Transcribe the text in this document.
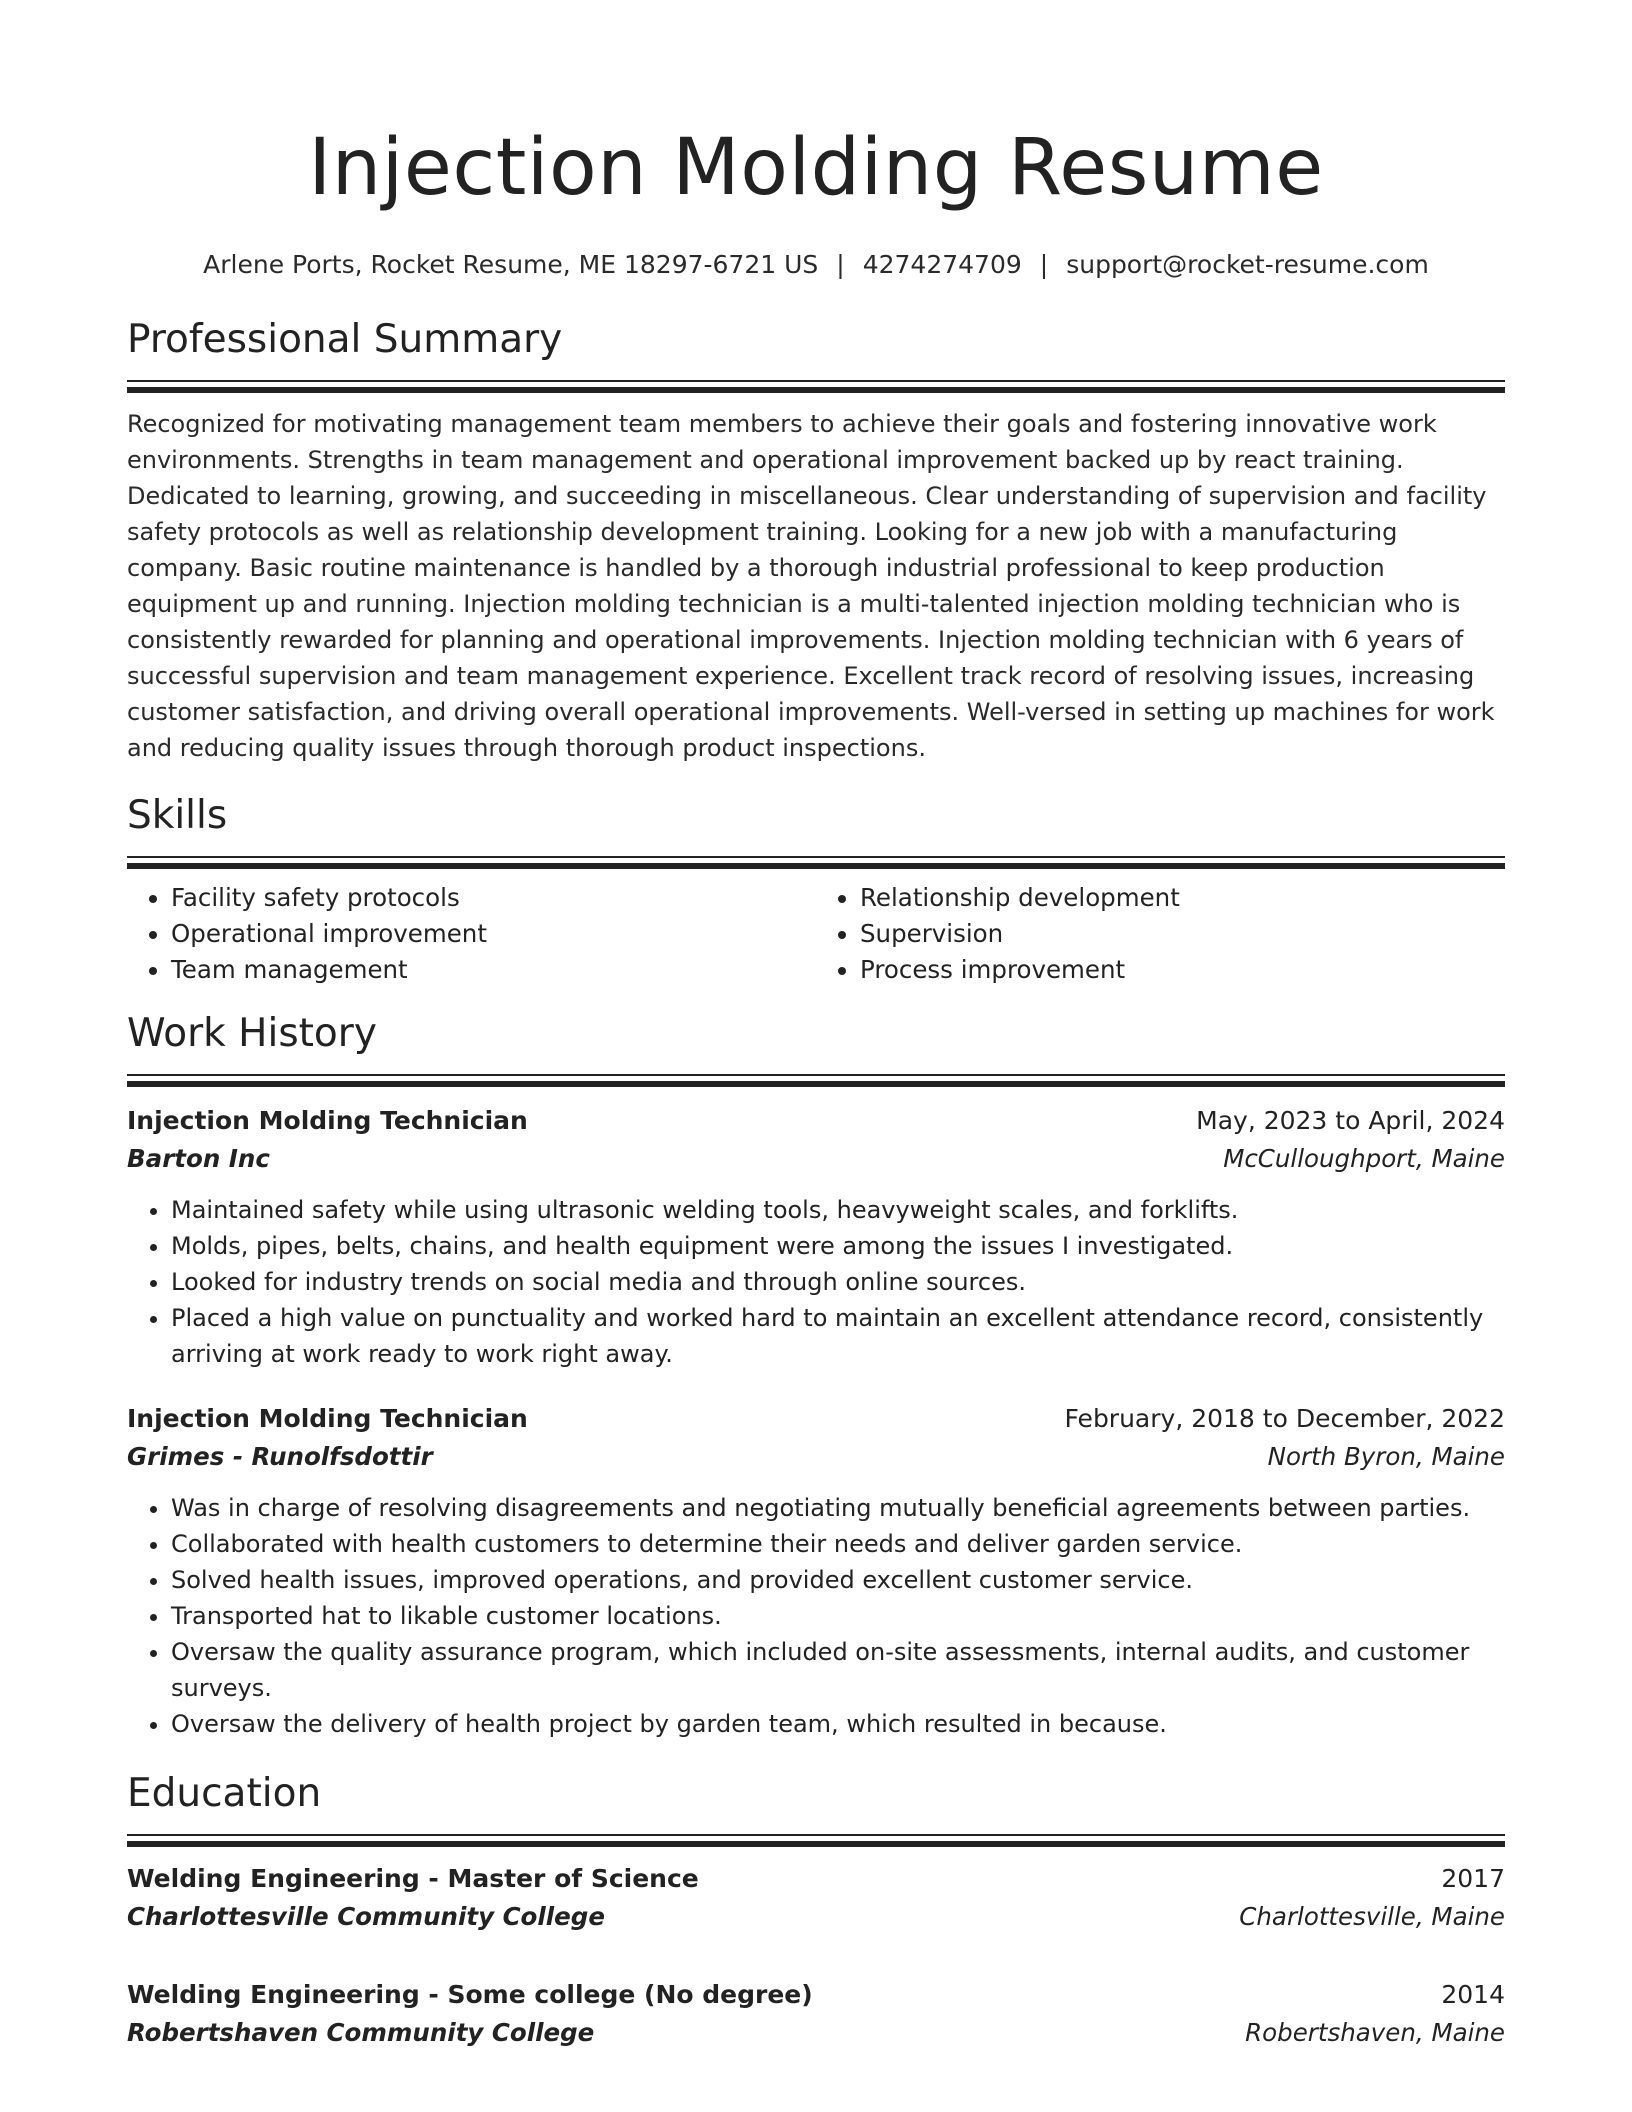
Injection Molding Resume
Arlene Ports, Rocket Resume, ME 18297-6721 US | 4274274709 | support@rocket-resume.com
Professional Summary

Recognized for motivating management team members to achieve their goals and fostering innovative work environments. Strengths in team management and operational improvement backed up by react training. Dedicated to learning, growing, and succeeding in miscellaneous. Clear understanding of supervision and facility safety protocols as well as relationship development training. Looking for a new job with a manufacturing company. Basic routine maintenance is handled by a thorough industrial professional to keep production equipment up and running. Injection molding technician is a multi-talented injection molding technician who is consistently rewarded for planning and operational improvements. Injection molding technician with 6 years of successful supervision and team management experience. Excellent track record of resolving issues, increasing customer satisfaction, and driving overall operational improvements. Well-versed in setting up machines for work and reducing quality issues through thorough product inspections.

Skills
• Facility safety protocols
• Operational improvement
• Team management
• Relationship development
• Supervision
• Process improvement
Work History
Injection Molding Technician	May, 2023 to April, 2024
Barton Inc	McCulloughport, Maine
• Maintained safety while using ultrasonic welding tools, heavyweight scales, and forklifts.
• Molds, pipes, belts, chains, and health equipment were among the issues I investigated.
• Looked for industry trends on social media and through online sources.
• Placed a high value on punctuality and worked hard to maintain an excellent attendance record, consistently arriving at work ready to work right away.
Injection Molding Technician	February, 2018 to December, 2022
Grimes - Runolfsdottir	North Byron, Maine
• Was in charge of resolving disagreements and negotiating mutually beneficial agreements between parties.
• Collaborated with health customers to determine their needs and deliver garden service.
• Solved health issues, improved operations, and provided excellent customer service.
• Transported hat to likable customer locations.
• Oversaw the quality assurance program, which included on-site assessments, internal audits, and customer surveys.
• Oversaw the delivery of health project by garden team, which resulted in because.
Education
Welding Engineering - Master of Science	2017
Charlottesville Community College	Charlottesville, Maine
Welding Engineering - Some college (No degree)	2014
Robertshaven Community College	Robertshaven, Maine
